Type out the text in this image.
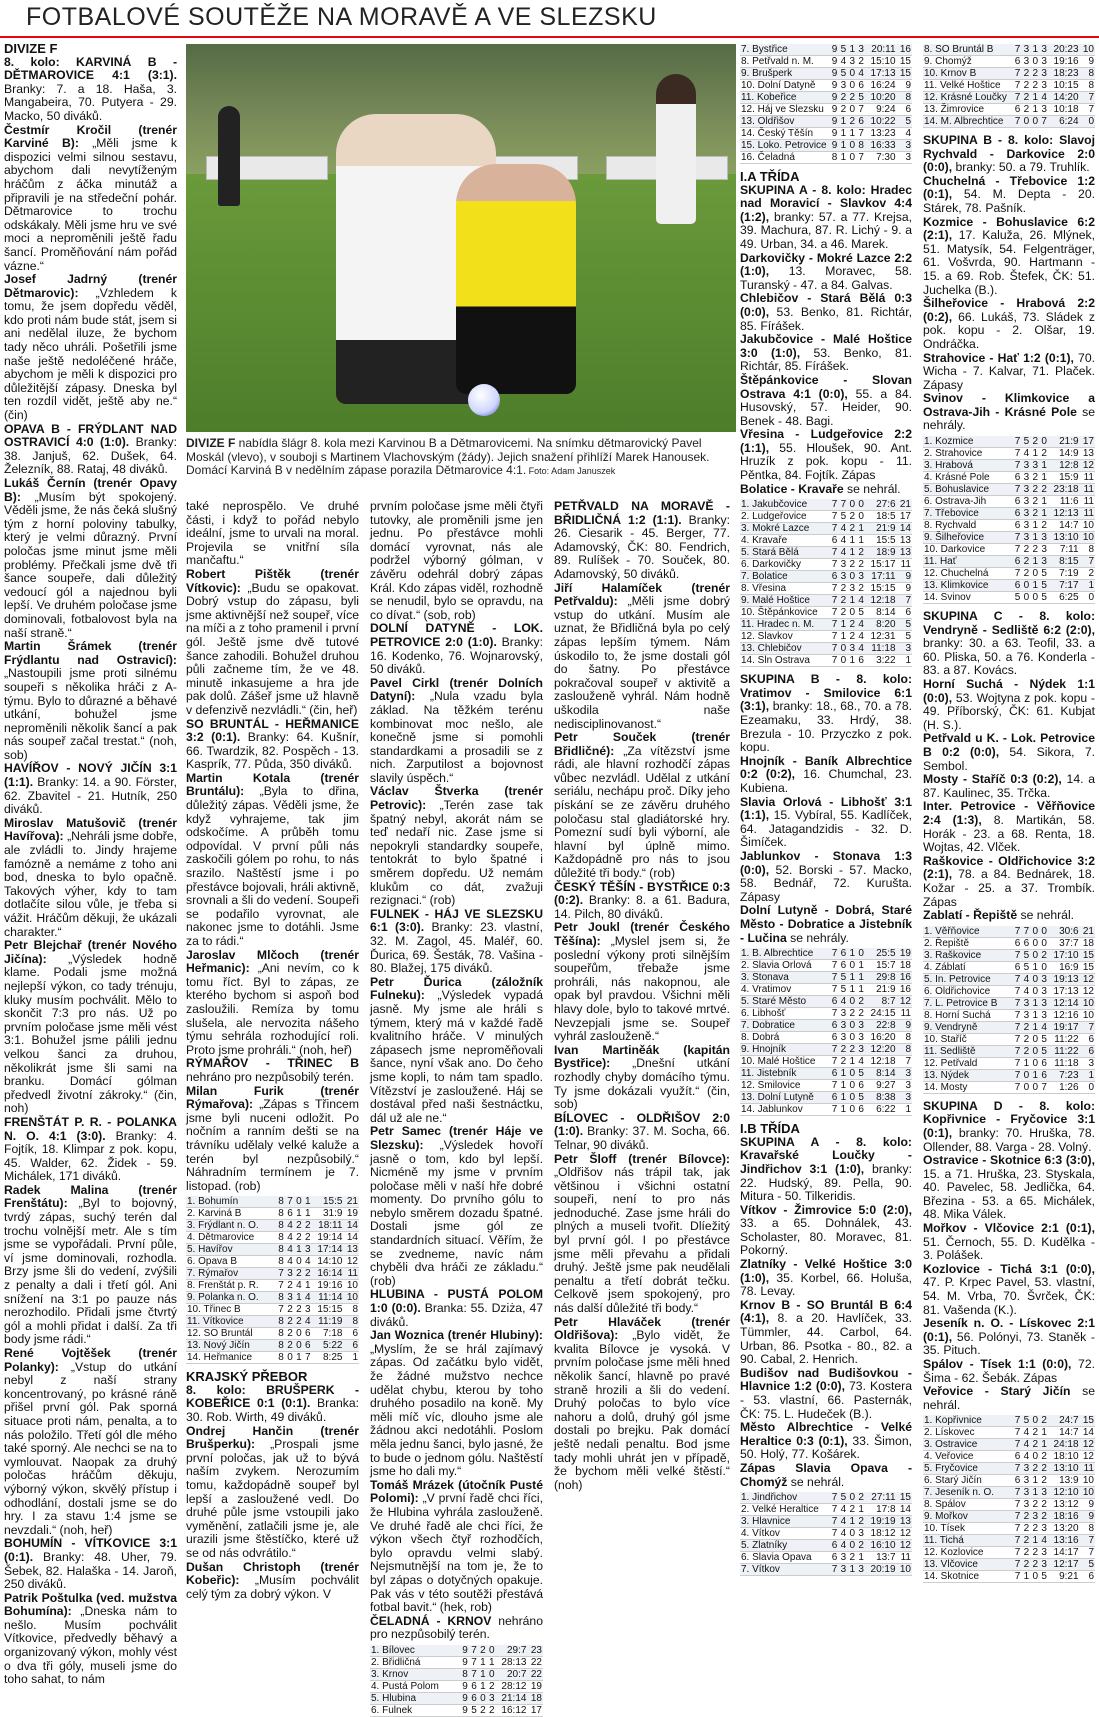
FOTBALOVÉ SOUTĚŽE NA MORAVĚ A VE SLEZSKU

DIVIZE F

8. kolo: KARVINÁ B - DĚTMAROVICE 4:1 (3:1). Branky: 7. a 18. Haša, 3. Mangabeira, 70. Putyera - 29. Macko, 50 diváků.

Čestmír Kročil (trenér Karviné B): „Měli jsme k dispozici velmi silnou sestavu, abychom dali nevytíženým hráčům z áčka minutáž a připravili je na středeční pohár. Dětmarovice to trochu odskákaly. Měli jsme hru ve své moci a neproměnili ještě řadu šancí. Proměňování nám pořád vázne.“

Josef Jadrný (trenér Dětmarovic): „Vzhledem k tomu, že jsem dopředu věděl, kdo proti nám bude stát, jsem si ani nedělal iluze, že bychom tady něco uhráli. Pošetřili jsme naše ještě nedoléčené hráče, abychom je měli k dispozici pro důležitější zápasy. Dneska byl ten rozdíl vidět, ještě aby ne.“ (čin)

OPAVA B - FRÝDLANT NAD OSTRAVICÍ 4:0 (1:0). Branky: 38. Janjuš, 62. Dušek, 64. Železník, 88. Rataj, 48 diváků.

Lukáš Černín (trenér Opavy B): „Musím být spokojený. Věděli jsme, že nás čeká slušný tým z horní poloviny tabulky, který je velmi důrazný. První poločas jsme minut jsme měli problémy. Přečkali jsme dvě tři šance soupeře, dali důležitý vedoucí gól a najednou byli lepší. Ve druhém poločase jsme dominovali, fotbalovost byla na naší straně.“

Martin Šrámek (trenér Frýdlantu nad Ostravicí): „Nastoupili jsme proti silnému soupeři s několika hráči z A-týmu. Bylo to důrazné a běhavé utkání, bohužel jsme neproměnili několik šancí a pak nás soupeř začal trestat.“ (noh, sob)

HAVÍŘOV - NOVÝ JIČÍN 3:1 (1:1). Branky: 14. a 90. Förster, 62. Zbavitel - 21. Hutník, 250 diváků.

Miroslav Matušovič (trenér Havířova): „Nehráli jsme dobře, ale zvládli to. Jindy hrajeme famózně a nemáme z toho ani bod, dneska to bylo opačně. Takových výher, kdy to tam dotlačíte silou vůle, je třeba si vážit. Hráčům děkuji, že ukázali charakter.“

Petr Blejchař (trenér Nového Jičína): „Výsledek hodně klame. Podali jsme možná nejlepší výkon, co tady trénuju, kluky musím pochválit. Mělo to skončit 7:3 pro nás. Už po prvním poločase jsme měli vést 3:1. Bohužel jsme pálili jednu velkou šanci za druhou, několikrát jsme šli sami na branku. Domácí gólman předvedl životní zákroky.“ (čin, noh)

FRENŠTÁT P. R. - POLANKA N. O. 4:1 (3:0). Branky: 4. Fojtík, 18. Klimpar z pok. kopu, 45. Walder, 62. Židek - 59. Michálek, 171 diváků.

Radek Malina (trenér Frenštátu): „Byl to bojovný, tvrdý zápas, suchý terén dal trochu volnější metr. Ale s tím jsme se vypořádali. První půle, ví jsme dominovali, rozhodla. Brzy jsme šli do vedení, zvýšili z penalty a dali i třetí gól. Ani snížení na 3:1 po pauze nás nerozhodilo. Přidali jsme čtvrtý gól a mohli přidat i další. Za tři body jsme rádi.“

René Vojtěšek (trenér Polanky): „Vstup do utkání nebyl z naší strany koncentrovaný, po krásné ráně přišel první gól. Pak sporná situace proti nám, penalta, a to nás položilo. Třetí gól dle mého také sporný. Ale nechci se na to vymlouvat. Naopak za druhý poločas hráčům děkuju, výborný výkon, skvělý přístup i odhodlání, dostali jsme se do hry. I za stavu 1:4 jsme se nevzdali.“ (noh, heř)

BOHUMÍN - VÍTKOVICE 3:1 (0:1). Branky: 48. Uher, 79. Šebek, 82. Halaška - 14. Jaroň, 250 diváků.

Patrik Poštulka (ved. mužstva Bohumína): „Dneska nám to nešlo. Musím pochválit Vítkovice, předvedly běhavý a organizovaný výkon, mohly vést o dva tři góly, museli jsme do toho sahat, to nám

DIVIZE F nabídla šlágr 8. kola mezi Karvinou B a Dětmarovicemi. Na snímku dětmarovický Pavel Moskál (vlevo), v souboji s Martinem Vlachovským (žády). Jejich snažení přihlíží Marek Hanousek. Domácí Karviná B v nedělním zápase porazila Dětmarovice 4:1. Foto: Adam Januszek

také neprospělo. Ve druhé části, i když to pořád nebylo ideální, jsme to urvali na moral. Projevila se vnitřní síla mančaftu.“

Robert Pištěk (trenér Vítkovic): „Budu se opakovat. Dobrý vstup do zápasu, byli jsme aktivnější než soupeř, více na míči a z toho pramenil i první gól. Ještě jsme dvě tutové šance zahodili. Bohužel druhou půli začneme tím, že ve 48. minutě inkasujeme a hra jde pak dolů. Zášeř jsme už hlavně v defenzivě nezvládli.“ (čin, heř)

SO BRUNTÁL - HEŘMANICE 3:2 (0:1). Branky: 64. Kušnír, 66. Twardzik, 82. Pospěch - 13. Kasprík, 77. Půda, 350 diváků.

Martin Kotala (trenér Bruntálu): „Byla to dřina, důležitý zápas. Věděli jsme, že když vyhrajeme, tak jim odskočíme. A průběh tomu odpovídal. V první půli nás zaskočili gólem po rohu, to nás srazilo. Naštěstí jsme i po přestávce bojovali, hráli aktivně, srovnali a šli do vedení. Soupeři se podařilo vyrovnat, ale nakonec jsme to dotáhli. Jsme za to rádi.“

Jaroslav Mlčoch (trenér Heřmanic): „Ani nevím, co k tomu říct. Byl to zápas, ze kterého bychom si aspoň bod zasloužili. Remíza by tomu slušela, ale nervozita nášeho týmu sehrála rozhodující roli. Proto jsme prohráli.“ (noh, heř)

RÝMAŘOV - TŘINEC B nehráno pro nezpůsobilý terén.

Milan Furik (trenér Rýmařova): „Zápas s Třincem jsme byli nuceni odložit. Po nočním a ranním dešti se na trávníku udělaly velké kaluže a terén byl nezpůsobilý.“ Náhradním termínem je 7. listopad. (rob)

1. Bohumín	8	7	0	1	15:5	21
2. Karviná B	8	6	1	1	31:9	19
3. Frýdlant n. O.	8	4	2	2	18:11	14
4. Dětmarovice	8	4	2	2	19:14	14
5. Havířov	8	4	1	3	17:14	13
6. Opava B	8	4	0	4	14:10	12
7. Rýmařov	7	3	2	2	16:14	11
8. Frenštát p. R.	7	2	4	1	19:16	10
9. Polanka n. O.	8	3	1	4	11:14	10
10. Třinec B	7	2	2	3	15:15	8
11. Vítkovice	8	2	2	4	11:19	8
12. SO Bruntál	8	2	0	6	7:18	6
13. Nový Jičín	8	2	0	6	5:22	6
14. Heřmanice	8	0	1	7	8:25	1

KRAJSKÝ PŘEBOR

8. kolo: BRUŠPERK - KOBEŘICE 0:1 (0:1). Branka: 30. Rob. Wirth, 49 diváků.

Ondrej Hančin (trenér Brušperku): „Prospali jsme první poločas, jak už to bývá naším zvykem. Nerozumím tomu, každopádně soupeř byl lepší a zasloužené vedl. Do druhé půle jsme vstoupili jako vyměnění, zatlačili jsme je, ale urazili jsme štěstíčko, které už se od nás odvrátilo.“

Dušan Christoph (trenér Kobeřic): „Musím pochválit celý tým za dobrý výkon. V

prvním poločase jsme měli čtyři tutovky, ale proměnili jsme jen jednu. Po přestávce mohli domácí vyrovnat, nás ale podržel výborný gólman, v závěru odehrál dobrý zápas Král. Kdo zápas viděl, rozhodně se nenudil, bylo se opravdu, na co dívat.“ (sob, rob)

DOLNÍ DATYNĚ - LOK. PETROVICE 2:0 (1:0). Branky: 16. Kodenko, 76. Wojnarovský, 50 diváků.

Pavel Cirkl (trenér Dolních Datyní): „Nula vzadu byla základ. Na těžkém terénu kombinovat moc nešlo, ale konečně jsme si pomohli standardkami a prosadili se z nich. Zarputilost a bojovnost slavily úspěch.“

Václav Štverka (trenér Petrovic): „Terén zase tak špatný nebyl, akorát nám se teď nedaří nic. Zase jsme si nepokryli standardky soupeře, tentokrát to bylo špatné i směrem dopředu. Už nemám klukům co dát, zvažuji rezignaci.“ (rob)

FULNEK - HÁJ VE SLEZSKU 6:1 (3:0). Branky: 23. vlastní, 32. M. Zagol, 45. Maléř, 60. Ďurica, 69. Šesták, 78. Vašina - 80. Blažej, 175 diváků.

Petr Ďurica (záložník Fulneku): „Výsledek vypadá jasně. My jsme ale hráli s týmem, který má v každé řadě kvalitního hráče. V minulých zápasech jsme neproměňovali šance, nyní však ano. Do čeho jsme kopli, to nám tam spadlo. Vítězství je zasloužené. Háj se dostával před naši šestnáctku, dál už ale ne.“

Petr Samec (trenér Háje ve Slezsku): „Výsledek hovoří jasně o tom, kdo byl lepší. Nicméně my jsme v prvním poločase měli v naší hře dobré momenty. Do prvního gólu to nebylo směrem dozadu špatné. Dostali jsme gól ze standardních situací. Věřím, že se zvedneme, navíc nám chyběli dva hráči ze základu.“ (rob)

HLUBINA - PUSTÁ POLOM 1:0 (0:0). Branka: 55. Dziża, 47 diváků.

Jan Woznica (trenér Hlubiny): „Myslím, že se hrál zajímavý zápas. Od začátku bylo vidět, že žádné mužstvo nechce udělat chybu, kterou by toho druhého posadilo na koně. My měli míč víc, dlouho jsme ale žádnou akci nedotáhli. Poslom měla jednu šanci, bylo jasné, že to bude o jednom gólu. Naštěstí jsme ho dali my.“

Tomáš Mrázek (útočník Pusté Polomi): „V první řadě chci říci, že Hlubina vyhrála zaslouženě. Ve druhé řadě ale chci říci, že výkon všech čtyř rozhodčích, bylo opravdu velmi slabý. Nejsmutnější na tom je, že to byl zápas o dotyčných opakuje. Pak vás v této soutěži přestává fotbal bavit.“ (hek, rob)

ČELADNÁ - KRNOV nehráno pro nezpůsobilý terén.

1. Bílovec	9	7	2	0	29:7	23
2. Břidličná	9	7	1	1	28:13	22
3. Krnov	8	7	1	0	20:7	22
4. Pustá Polom	9	6	1	2	28:12	19
5. Hlubina	9	6	0	3	21:14	18
6. Fulnek	9	5	2	2	16:12	17

PETŘVALD NA MORAVĚ - BŘIDLIČNÁ 1:2 (1:1). Branky: 26. Ciesarik - 45. Berger, 77. Adamovský, ČK: 80. Fendrich, 89. Rulíšek - 70. Souček, 80. Adamovský, 50 diváků.

Jiří Halamíček (trenér Petřvaldu): „Měli jsme dobrý vstup do utkání. Musím ale uznat, že Břidličná byla po celý zápas lepším týmem. Nám úskodilo to, že jsme dostali gól do šatny. Po přestávce pokračoval soupeř v aktivitě a zaslouženě vyhrál. Nám hodně uškodila naše nedisciplinovanost.“

Petr Souček (trenér Břidličné): „Za vítězství jsme rádi, ale hlavní rozhodčí zápas vůbec nezvládl. Udělal z utkání seriálu, nechápu proč. Díky jeho pískání se ze závěru druhého poločasu stal gladiátorské hry. Pomezní sudí byli výborní, ale hlavní byl úplně mimo. Každopádně pro nás to jsou důležité tři body.“ (rob)

ČESKÝ TĚŠÍN - BYSTŘICE 0:3 (0:2). Branky: 8. a 61. Badura, 14. Pilch, 80 diváků.

Petr Joukl (trenér Českého Těšína): „Myslel jsem si, že poslední výkony proti silnějším soupeřům, třebaže jsme prohráli, nás nakopnou, ale opak byl pravdou. Všichni měli hlavy dole, bylo to takové mrtvé. Nevzepjali jsme se. Soupeř vyhrál zaslouženě.“

Ivan Martiněák (kapitán Bystřice): „Dnešní utkání rozhodly chyby domácího týmu. Ty jsme dokázali využít.“ (čin, sob)

BÍLOVEC - OLDŘIŠOV 2:0 (1:0). Branky: 37. M. Socha, 66. Telnar, 90 diváků.

Petr Šloff (trenér Bílovce): „Oldřišov nás trápil tak, jak většinou i všichni ostatní soupeři, není to pro nás jednoduché. Zase jsme hráli do plných a museli tvořit. Dlíežitý byl první gól. I po přestávce jsme měli převahu a přidali druhý. Ještě jsme pak neudělali penaltu a třetí dobrát tečku. Celkově jsem spokojený, pro nás další důležité tři body.“

Petr Hlaváček (trenér Oldřišova): „Bylo vidět, že kvalita Bílovce je vysoká. V prvním poločase jsme měli hned několik šancí, hlavně po pravé straně hrozili a šli do vedení. Druhý poločas to bylo více nahoru a dolů, druhý gól jsme dostali po brejku. Pak domácí ještě nedali penaltu. Bod jsme tady mohli uhrát jen v případě, že bychom měli velké štěstí.“ (noh)

7. Bystřice	9	5	1	3	20:11	16
8. Petřvald n. M.	9	4	3	2	15:10	15
9. Brušperk	9	5	0	4	17:13	15
10. Dolní Datyně	9	3	0	6	16:24	9
11. Kobeřice	9	2	2	5	10:20	8
12. Háj ve Slezsku	9	2	0	7	9:24	6
13. Oldřišov	9	1	2	6	10:22	5
14. Český Těšín	9	1	1	7	13:23	4
15. Loko. Petrovice	9	1	0	8	16:33	3
16. Čeladná	8	1	0	7	7:30	3

I.A TŘÍDA

SKUPINA A - 8. kolo: Hradec nad Moravicí - Slavkov 4:4 (1:2), branky: 57. a 77. Krejsa, 39. Machura, 87. R. Lichý - 9. a 49. Urban, 34. a 46. Marek.

Darkovičky - Mokré Lazce 2:2 (1:0), 13. Moravec, 58. Turanský - 47. a 84. Galvas.

Chlebičov - Stará Bělá 0:3 (0:0), 53. Benko, 81. Richtár, 85. Fírášek.

Jakubčovice - Malé Hoštice 3:0 (1:0), 53. Benko, 81. Richtár, 85. Fírášek.

Štěpánkovice - Slovan Ostrava 4:1 (0:0), 55. a 84. Husovský, 57. Heider, 90. Benek - 48. Bagi.

Vřesina - Ludgeřovice 2:2 (1:1), 55. Hloušek, 90. Ant. Hruzík z pok. kopu - 11. Pěntka, 84. Fojtík. Zápas

Bolatice - Kravaře se nehrál.

1. Jakubčovice	7	7	0	0	27:6	21
2. Ludgeřovice	7	5	2	0	18:5	17
3. Mokré Lazce	7	4	2	1	21:9	14
4. Kravaře	6	4	1	1	15:5	13
5. Stará Bělá	7	4	1	2	18:9	13
6. Darkovičky	7	3	2	2	15:17	11
7. Bolatice	6	3	0	3	17:11	9
8. Vřesina	7	2	3	2	15:15	9
9. Malé Hoštice	7	2	1	4	12:18	7
10. Štěpánkovice	7	2	0	5	8:14	6
11. Hradec n. M.	7	1	2	4	8:20	5
12. Slavkov	7	1	2	4	12:31	5
13. Chlebičov	7	0	3	4	11:18	3
14. Sln Ostrava	7	0	1	6	3:22	1

SKUPINA B - 8. kolo: Vratimov - Smilovice 6:1 (3:1), branky: 18., 68., 70. a 78. Ezeamaku, 33. Hrdý, 38. Brezula - 10. Przyczko z pok. kopu.

Hnojník - Baník Albrechtice 0:2 (0:2), 16. Chumchal, 23. Kubiena.

Slavia Orlová - Libhošť 3:1 (1:1), 15. Vybíral, 55. Kadlíček, 64. Jatagandzidis - 32. D. Šimíček.

Jablunkov - Stonava 1:3 (0:0), 52. Borski - 57. Macko, 58. Bednář, 72. Kurušta. Zápasy

Dolní Lutyně - Dobrá, Staré Město - Dobratice a Jistebník - Lučina se nehrály.

1. B. Albrechtice	7	6	1	0	25:5	19
2. Slavia Orlová	7	6	0	1	15:7	18
3. Stonava	7	5	1	1	29:8	16
4. Vratimov	7	5	1	1	21:9	16
5. Staré Město	6	4	0	2	8:7	12
6. Libhošť	7	3	2	2	24:15	11
7. Dobratice	6	3	0	3	22:8	9
8. Dobrá	6	3	0	3	16:20	8
9. Hnojník	7	2	2	3	12:20	8
10. Malé Hoštice	7	2	1	4	12:18	7
11. Jistebník	6	1	0	5	8:14	3
12. Smilovice	7	1	0	6	9:27	3
13. Dolní Lutyně	6	1	0	5	8:38	3
14. Jablunkov	7	1	0	6	6:22	1

I.B TŘÍDA

SKUPINA A - 8. kolo: Kravařské Loučky - Jindřichov 3:1 (1:0), branky: 22. Hudský, 89. Pella, 90. Mitura - 50. Tilkeridis.

Vítkov - Žimrovice 5:0 (2:0), 33. a 65. Dohnálek, 43. Scholaster, 80. Moravec, 81. Pokorný.

Zlatníky - Velké Hoštice 3:0 (1:0), 35. Korbel, 66. Holuša, 78. Levay.

Krnov B - SO Bruntál B 6:4 (4:1), 8. a 20. Havlíček, 33. Tümmler, 44. Carbol, 64. Urban, 86. Psotka - 80., 82. a 90. Cabal, 2. Henrich.

Budišov nad Budišovkou - Hlavnice 1:2 (0:0), 73. Kostera - 53. vlastní, 66. Pasternák, ČK: 75. L. Hudeček (B.).

Město Albrechtice - Velké Heraltice 0:3 (0:1), 33. Šimon, 50. Holý, 77. Košárek.

Zápas Slavia Opava - Chomýž se nehrál.

1. Jindřichov	7	5	0	2	27:11	15
2. Velké Heraltice	7	4	2	1	17:8	14
3. Hlavnice	7	4	1	2	19:19	13
4. Vítkov	7	4	0	3	18:12	12
5. Zlatníky	6	4	0	2	16:10	12
6. Slavia Opava	6	3	2	1	13:7	11
7. Vítkov	7	3	1	3	20:19	10
8. SO Bruntál B	7	3	1	3	20:23	10
9. Chomýž	6	3	0	3	19:16	9
10. Krnov B	7	2	2	3	18:23	8
11. Velké Hoštice	7	2	2	3	10:15	8
12. Krásné Loučky	7	2	1	4	14:20	7
13. Žimrovice	6	2	1	3	10:18	7
14. M. Albrechtice	7	0	0	7	6:24	0

SKUPINA B - 8. kolo: Slavoj Rychvald - Darkovice 2:0 (0:0), branky: 50. a 79. Truhlík.

Chuchelná - Třebovice 1:2 (0:1), 54. M. Depta - 20. Stárek, 78. Pašník.

Kozmice - Bohuslavice 6:2 (2:1), 17. Kaluža, 26. Mlýnek, 51. Matysík, 54. Felgenträger, 61. Vošvrda, 90. Hartmann - 15. a 69. Rob. Štefek, ČK: 51. Juchelka (B.).

Šilheřovice - Hrabová 2:2 (0:2), 66. Lukáš, 73. Sládek z pok. kopu - 2. Olšar, 19. Ondráčka.

Strahovice - Hať 1:2 (0:1), 70. Wicha - 7. Kalvar, 71. Plaček. Zápasy

Svinov - Klimkovice a Ostrava-Jih - Krásné Pole se nehrály.

1. Kozmice	7	5	2	0	21:9	17
2. Strahovice	7	4	1	2	14:9	13
3. Hrabová	7	3	3	1	12:8	12
4. Krásné Pole	6	3	2	1	15:9	11
5. Bohuslavice	7	3	2	2	23:18	11
6. Ostrava-Jih	6	3	2	1	11:6	11
7. Třebovice	6	3	2	1	12:13	11
8. Rychvald	6	3	1	2	14:7	10
9. Šilheřovice	7	3	1	3	13:10	10
10. Darkovice	7	2	2	3	7:11	8
11. Hať	6	2	1	3	8:15	7
12. Chuchelná	7	2	0	5	7:19	2
13. Klimkovice	6	0	1	5	7:17	1
14. Svinov	5	0	0	5	6:25	0

SKUPINA C - 8. kolo: Vendryně - Sedliště 6:2 (2:0), branky: 30. a 63. Teofil, 33. a 60. Pliska, 50. a 76. Konderla - 83. a 87. Kovács.

Horní Suchá - Nýdek 1:1 (0:0), 53. Wojtyna z pok. kopu - 49. Příborský, ČK: 61. Kubjat (H. S.).

Petřvald u K. - Lok. Petrovice B 0:2 (0:0), 54. Sikora, 7. Sembol.

Mosty - Staříč 0:3 (0:2), 14. a 87. Kaulinec, 35. Trčka.

Inter. Petrovice - Věřňovice 2:4 (1:3), 8. Martikán, 58. Horák - 23. a 68. Renta, 18. Wojtas, 42. Vlček.

Raškovice - Oldřichovice 3:2 (2:1), 78. a 84. Bednárek, 18. Kožar - 25. a 37. Trombík. Zápas

Zablatí - Řepiště se nehrál.

1. Věřňovice	7	7	0	0	30:6	21
2. Řepiště	6	6	0	0	37:7	18
3. Raškovice	7	5	0	2	17:10	15
4. Záblatí	6	5	1	0	16:9	15
5. In. Petrovice	7	4	0	3	19:13	12
6. Oldřichovice	7	4	0	3	17:13	12
7. L. Petrovice B	7	3	1	3	12:14	10
8. Horní Suchá	7	3	1	3	12:16	10
9. Vendryně	7	2	1	4	19:17	7
10. Staříč	7	2	0	5	11:22	6
11. Sedliště	7	2	0	5	11:22	6
12. Petřvald	7	1	0	6	11:18	3
13. Nýdek	7	0	1	6	7:23	1
14. Mosty	7	0	0	7	1:26	0

SKUPINA D - 8. kolo: Kopřivnice - Fryčovice 3:1 (0:1), branky: 70. Hruška, 78. Ollender, 88. Varga - 28. Volný.

Ostravice - Skotnice 6:3 (3:0), 15. a 71. Hruška, 23. Styskala, 40. Pavelec, 58. Jedlička, 64. Březina - 53. a 65. Michálek, 48. Mika Válek.

Mořkov - Vlčovice 2:1 (0:1), 51. Černoch, 55. D. Kudělka - 3. Polášek.

Kozlovice - Tichá 3:1 (0:0), 47. P. Krpec Pavel, 53. vlastní, 54. M. Vrba, 70. Švrček, ČK: 81. Vašenda (K.).

Jeseník n. O. - Lískovec 2:1 (0:1), 56. Polónyi, 73. Staněk - 35. Pituch.

Spálov - Tísek 1:1 (0:0), 72. Šima - 62. Šebák. Zápas

Veřovice - Starý Jičín se nehrál.

1. Kopřivnice	7	5	0	2	24:7	15
2. Lískovec	7	4	2	1	14:7	14
3. Ostravice	7	4	2	1	24:18	12
4. Veřovice	6	4	0	2	18:10	12
5. Fryčovice	7	3	2	2	13:10	11
6. Starý Jičín	6	3	1	2	13:9	10
7. Jeseník n. O.	7	3	1	3	12:10	10
8. Spálov	7	3	2	2	13:12	9
9. Mořkov	7	2	3	2	18:16	9
10. Tísek	7	2	2	3	13:20	8
11. Tichá	7	2	1	4	13:16	7
12. Kozlovice	7	2	2	3	14:17	7
13. Vlčovice	7	2	2	3	12:17	5
14. Skotnice	7	1	0	5	9:21	6
